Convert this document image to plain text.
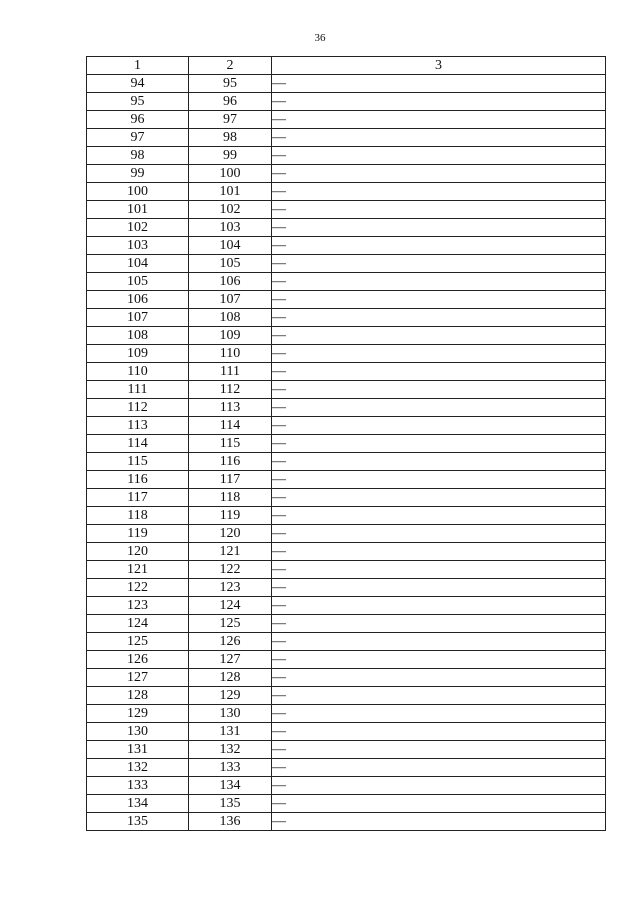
36
1	2	3
94	95	—
95	96	—
96	97	—
97	98	—
98	99	—
99	100	—
100	101	—
101	102	—
102	103	—
103	104	—
104	105	—
105	106	—
106	107	—
107	108	—
108	109	—
109	110	—
110	111	—
111	112	—
112	113	—
113	114	—
114	115	—
115	116	—
116	117	—
117	118	—
118	119	—
119	120	—
120	121	—
121	122	—
122	123	—
123	124	—
124	125	—
125	126	—
126	127	—
127	128	—
128	129	—
129	130	—
130	131	—
131	132	—
132	133	—
133	134	—
134	135	—
135	136	—
